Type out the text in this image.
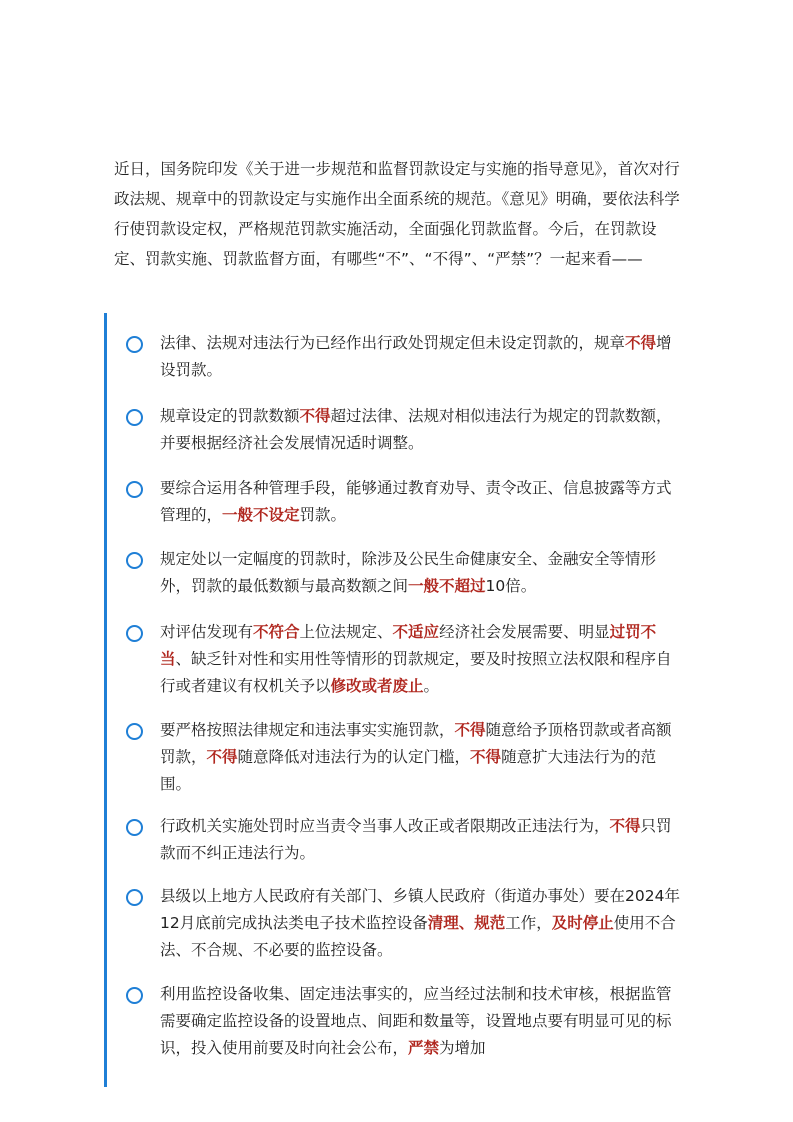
近日，国务院印发《关于进一步规范和监督罚款设定与实施的指导意见》，首次对行政法规、规章中的罚款设定与实施作出全面系统的规范。《意见》明确，要依法科学行使罚款设定权，严格规范罚款实施活动，全面强化罚款监督。今后，在罚款设定、罚款实施、罚款监督方面，有哪些“不”、“不得”、“严禁”？一起来看——

法律、法规对违法行为已经作出行政处罚规定但未设定罚款的，规章不得增设罚款。
规章设定的罚款数额不得超过法律、法规对相似违法行为规定的罚款数额，并要根据经济社会发展情况适时调整。
要综合运用各种管理手段，能够通过教育劝导、责令改正、信息披露等方式管理的，一般不设定罚款。
规定处以一定幅度的罚款时，除涉及公民生命健康安全、金融安全等情形外，罚款的最低数额与最高数额之间一般不超过10倍。
对评估发现有不符合上位法规定、不适应经济社会发展需要、明显过罚不当、缺乏针对性和实用性等情形的罚款规定，要及时按照立法权限和程序自行或者建议有权机关予以修改或者废止。
要严格按照法律规定和违法事实实施罚款，不得随意给予顶格罚款或者高额罚款，不得随意降低对违法行为的认定门槛，不得随意扩大违法行为的范围。
行政机关实施处罚时应当责令当事人改正或者限期改正违法行为，不得只罚款而不纠正违法行为。
县级以上地方人民政府有关部门、乡镇人民政府（街道办事处）要在2024年12月底前完成执法类电子技术监控设备清理、规范工作，及时停止使用不合法、不合规、不必要的监控设备。
利用监控设备收集、固定违法事实的，应当经过法制和技术审核，根据监管需要确定监控设备的设置地点、间距和数量等，设置地点要有明显可见的标识，投入使用前要及时向社会公布，严禁为增加
